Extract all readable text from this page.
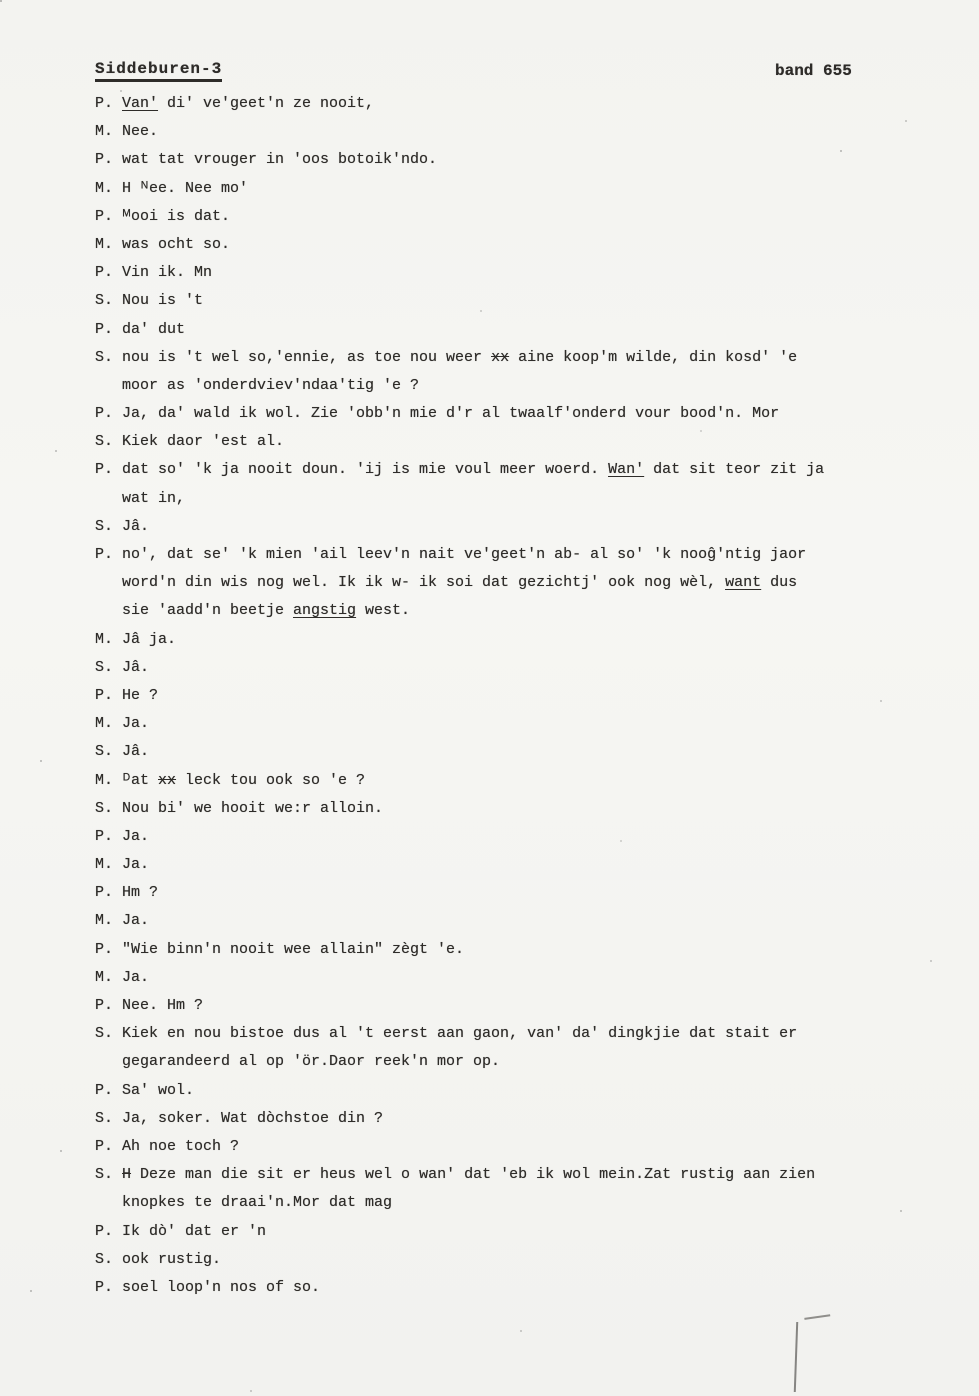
Siddeburen-3	band 655
P. Van' di' ve'geet'n ze nooit,
M. Nee.
P. wat tat vrouger in 'oos botoik'ndo.
M. H ᴺee. Nee mo'
P. ᴹooi is dat.
M. was ocht so.
P. Vin ik. Mn
S. Nou is 't
P. da' dut
S. nou is 't wel so,'ennie, as toe nou weer xx aine koop'm wilde, din kosd' 'e
moor as 'onderdviev'ndaa'tig 'e ?
P. Ja, da' wald ik wol. Zie 'obb'n mie d'r al twaalf'onderd vour bood'n. Mor
S. Kiek daor 'est al.
P. dat so' 'k ja nooit doun. 'ij is mie voul meer woerd. Wan' dat sit teor zit ja
wat in,
S. Jâ.
P. no', dat se' 'k mien 'ail leev'n nait ve'geet'n ab- al so' 'k nooĝ'ntig jaor
word'n din wis nog wel. Ik ik w- ik soi dat gezichtj' ook nog wèl, want dus
sie 'aadd'n beetje angstig west.
M. Jâ ja.
S. Jâ.
P. He ?
M. Ja.
S. Jâ.
M. ᴰat xx leck tou ook so 'e ?
S. Nou bi' we hooit we:r alloin.
P. Ja.
M. Ja.
P. Hm ?
M. Ja.
P. "Wie binn'n nooit wee allain" zègt 'e.
M. Ja.
P. Nee. Hm ?
S. Kiek en nou bistoe dus al 't eerst aan gaon, van' da' dingkjie dat stait er
gegarandeerd al op 'ör.Daor reek'n mor op.
P. Sa' wol.
S. Ja, soker. Wat dòchstoe din ?
P. Ah noe toch ?
S. H Deze man die sit er heus wel o wan' dat 'eb ik wol mein.Zat rustig aan zien
knopkes te draai'n.Mor dat mag
P. Ik dò' dat er 'n
S. ook rustig.
P. soel loop'n nos of so.
